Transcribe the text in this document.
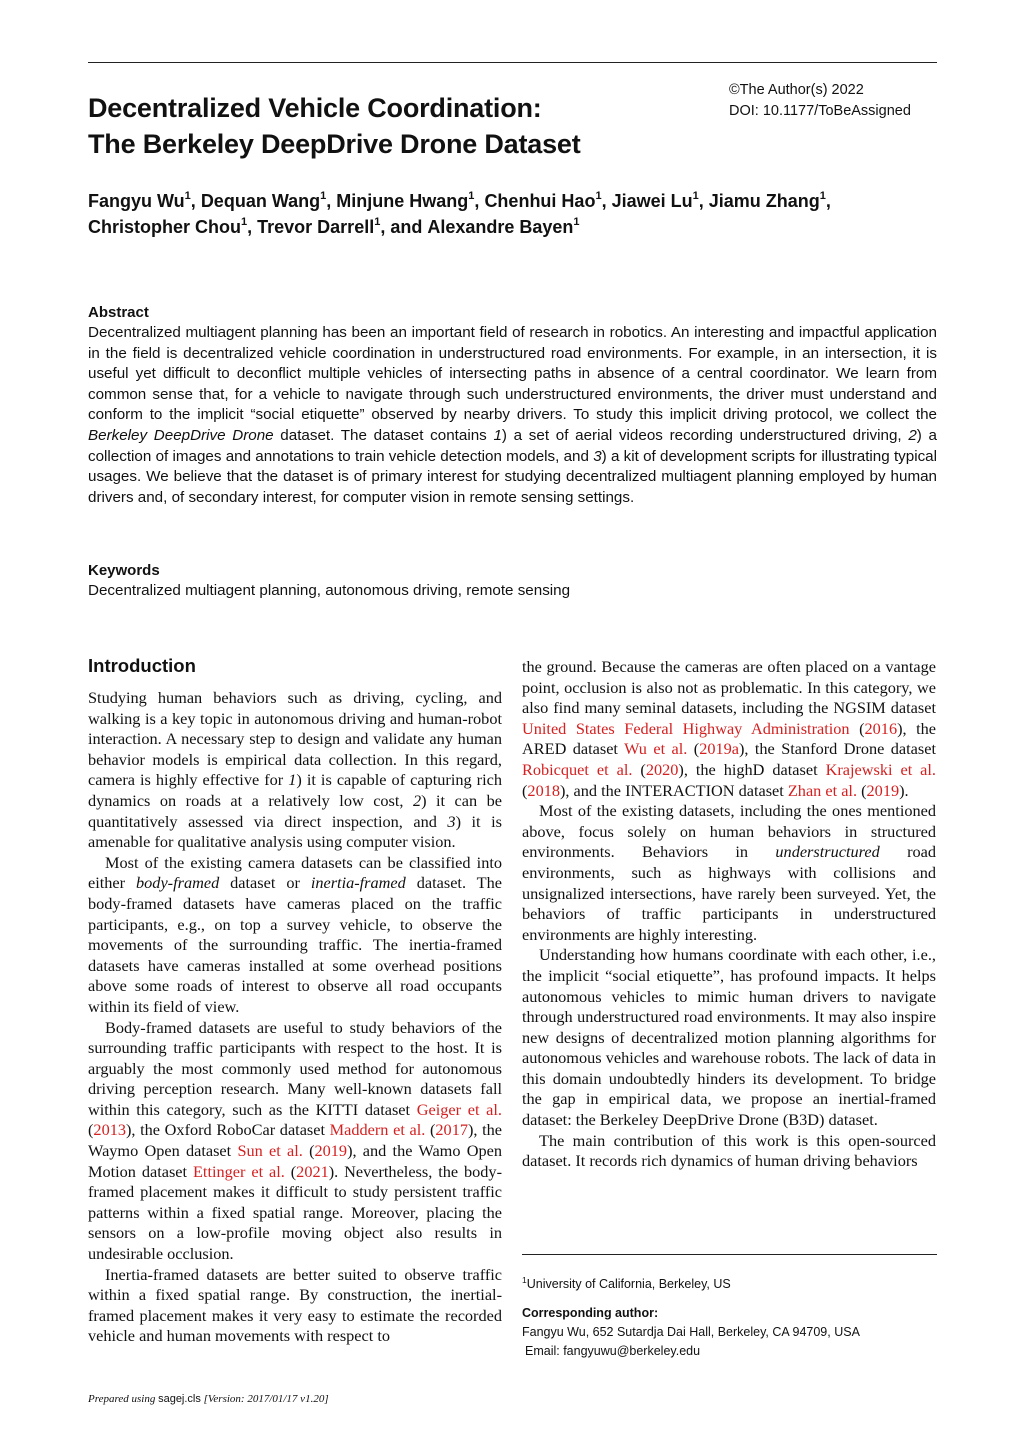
©The Author(s) 2022
DOI: 10.1177/ToBeAssigned
Decentralized Vehicle Coordination:
The Berkeley DeepDrive Drone Dataset
Fangyu Wu$^1$, Dequan Wang$^1$, Minjune Hwang$^1$, Chenhui Hao$^1$, Jiawei Lu$^1$, Jiamu Zhang$^1$,
Christopher Chou$^1$, Trevor Darrell$^1$, and Alexandre Bayen$^1$
Abstract

Decentralized multiagent planning has been an important field of research in robotics. An interesting and impactful application in the field is decentralized vehicle coordination in understructured road environments. For example, in an intersection, it is useful yet difficult to deconflict multiple vehicles of intersecting paths in absence of a central coordinator. We learn from common sense that, for a vehicle to navigate through such understructured environments, the driver must understand and conform to the implicit “social etiquette” observed by nearby drivers. To study this implicit driving protocol, we collect the Berkeley DeepDrive Drone dataset. The dataset contains 1) a set of aerial videos recording understructured driving, 2) a collection of images and annotations to train vehicle detection models, and 3) a kit of development scripts for illustrating typical usages. We believe that the dataset is of primary interest for studying decentralized multiagent planning employed by human drivers and, of secondary interest, for computer vision in remote sensing settings.

Keywords
Decentralized multiagent planning, autonomous driving, remote sensing
Introduction

Studying human behaviors such as driving, cycling, and walking is a key topic in autonomous driving and human-robot interaction. A necessary step to design and validate any human behavior models is empirical data collection. In this regard, camera is highly effective for 1) it is capable of capturing rich dynamics on roads at a relatively low cost, 2) it can be quantitatively assessed via direct inspection, and 3) it is amenable for qualitative analysis using computer vision.

Most of the existing camera datasets can be classified into either body-framed dataset or inertia-framed dataset. The body-framed datasets have cameras placed on the traffic participants, e.g., on top a survey vehicle, to observe the movements of the surrounding traffic. The inertia-framed datasets have cameras installed at some overhead positions above some roads of interest to observe all road occupants within its field of view.

Body-framed datasets are useful to study behaviors of the surrounding traffic participants with respect to the host. It is arguably the most commonly used method for autonomous driving perception research. Many well-known datasets fall within this category, such as the KITTI dataset Geiger et al. (2013), the Oxford RoboCar dataset Maddern et al. (2017), the Waymo Open dataset Sun et al. (2019), and the Wamo Open Motion dataset Ettinger et al. (2021). Nevertheless, the body-framed placement makes it difficult to study persistent traffic patterns within a fixed spatial range. Moreover, placing the sensors on a low-profile moving object also results in undesirable occlusion.

Inertia-framed datasets are better suited to observe traffic within a fixed spatial range. By construction, the inertial-framed placement makes it very easy to estimate the recorded vehicle and human movements with respect to

the ground. Because the cameras are often placed on a vantage point, occlusion is also not as problematic. In this category, we also find many seminal datasets, including the NGSIM dataset United States Federal Highway Administration (2016), the ARED dataset Wu et al. (2019a), the Stanford Drone dataset Robicquet et al. (2020), the highD dataset Krajewski et al. (2018), and the INTERACTION dataset Zhan et al. (2019).

Most of the existing datasets, including the ones mentioned above, focus solely on human behaviors in structured environments. Behaviors in understructured road environments, such as highways with collisions and unsignalized intersections, have rarely been surveyed. Yet, the behaviors of traffic participants in understructured environments are highly interesting.

Understanding how humans coordinate with each other, i.e., the implicit “social etiquette”, has profound impacts. It helps autonomous vehicles to mimic human drivers to navigate through understructured road environments. It may also inspire new designs of decentralized motion planning algorithms for autonomous vehicles and warehouse robots. The lack of data in this domain undoubtedly hinders its development. To bridge the gap in empirical data, we propose an inertial-framed dataset: the Berkeley DeepDrive Drone (B3D) dataset.

The main contribution of this work is this open-sourced dataset. It records rich dynamics of human driving behaviors

$^1$University of California, Berkeley, US
Corresponding author:
Fangyu Wu, 652 Sutardja Dai Hall, Berkeley, CA 94709, USA
Email: fangyuwu@berkeley.edu
Prepared using sagej.cls [Version: 2017/01/17 v1.20]
